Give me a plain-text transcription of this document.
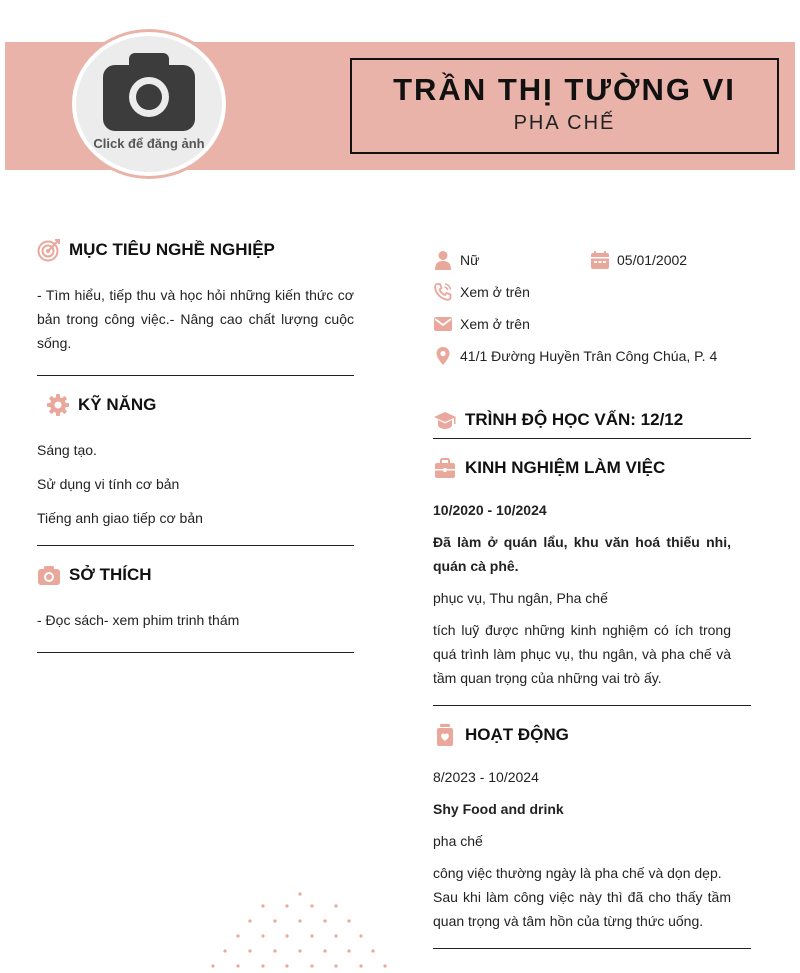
Click để đăng ảnh
TRẦN THỊ TƯỜNG VI
PHA CHẾ
MỤC TIÊU NGHỀ NGHIỆP
- Tìm hiểu, tiếp thu và học hỏi những kiến thức cơ bản trong công việc.- Nâng cao chất lượng cuộc sống.
KỸ NĂNG
Sáng tạo.
Sử dụng vi tính cơ bản
Tiếng anh giao tiếp cơ bản
SỞ THÍCH
- Đọc sách- xem phim trinh thám
Nữ	05/01/2002
Xem ở trên
Xem ở trên
41/1 Đường Huyền Trân Công Chúa, P. 4
TRÌNH ĐỘ HỌC VẤN: 12/12
KINH NGHIỆM LÀM VIỆC
10/2020 - 10/2024
Đã làm ở quán lẩu, khu văn hoá thiếu nhi, quán cà phê.
phục vụ, Thu ngân, Pha chế
tích luỹ được những kinh nghiệm có ích trong quá trình làm phục vụ, thu ngân, và pha chế và tầm quan trọng của những vai trò ấy.
HOẠT ĐỘNG
8/2023 - 10/2024
Shy Food and drink
pha chế
công việc thường ngày là pha chế và dọn dẹp.
Sau khi làm công việc này thì đã cho thấy tầm quan trọng và tâm hồn của từng thức uống.
